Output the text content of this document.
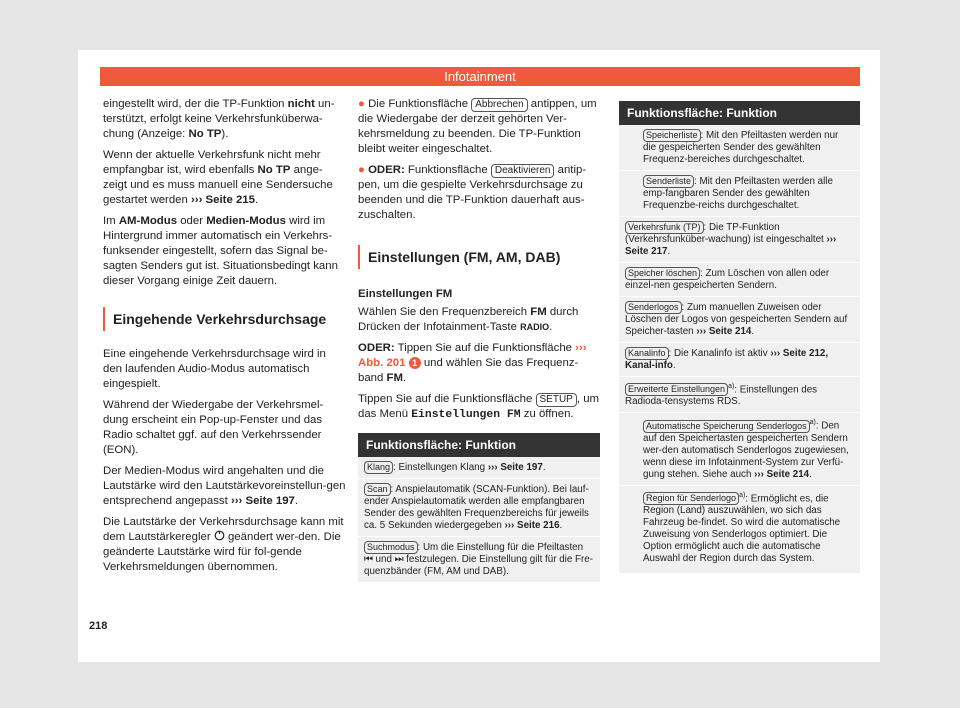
Infotainment

eingestellt wird, der die TP-Funktion nicht un-terstützt, erfolgt keine Verkehrsfunküberwa-chung (Anzeige: No TP).

Wenn der aktuelle Verkehrsfunk nicht mehr empfangbar ist, wird ebenfalls No TP ange-zeigt und es muss manuell eine Sendersuche gestartet werden ››› Seite 215.

Im AM-Modus oder Medien-Modus wird im Hintergrund immer automatisch ein Verkehrs-funksender eingestellt, sofern das Signal be-sagten Senders gut ist. Situationsbedingt kann dieser Vorgang einige Zeit dauern.

Eingehende Verkehrsdurchsage

Eine eingehende Verkehrsdurchsage wird in den laufenden Audio-Modus automatisch eingespielt.

Während der Wiedergabe der Verkehrsmel-dung erscheint ein Pop-up-Fenster und das Radio schaltet ggf. auf den Verkehrssender (EON).

Der Medien-Modus wird angehalten und die Lautstärke wird den Lautstärkevoreinstellun-gen entsprechend angepasst ››› Seite 197.

Die Lautstärke der Verkehrsdurchsage kann mit dem Lautstärkeregler  geändert wer-den. Die geänderte Lautstärke wird für fol-gende Verkehrsmeldungen übernommen.

● Die Funktionsfläche Abbrechen antippen, um die Wiedergabe der derzeit gehörten Ver-kehrsmeldung zu beenden. Die TP-Funktion bleibt weiter eingeschaltet.

● ODER: Funktionsfläche Deaktivieren antip-pen, um die gespielte Verkehrsdurchsage zu beenden und die TP-Funktion dauerhaft aus-zuschalten.

Einstellungen (FM, AM, DAB)

Einstellungen FM

Wählen Sie den Frequenzbereich FM durch Drücken der Infotainment-Taste RADIO.

ODER: Tippen Sie auf die Funktionsfläche ››› Abb. 201 1 und wählen Sie das Frequenz-band FM.

Tippen Sie auf die Funktionsfläche SETUP , um das Menü Einstellungen FM zu öffnen.

Funktionsfläche: Funktion
Klang : Einstellungen Klang ››› Seite 197.
Scan : Anspielautomatik (SCAN-Funktion). Bei lauf-ender Anspielautomatik werden alle empfangbaren Sender des gewählten Frequenzbereichs für jeweils ca. 5 Sekunden wiedergegeben ››› Seite 216.
Suchmodus : Um die Einstellung für die Pfeiltasten ⏮ und ⏭ festzulegen. Die Einstellung gilt für die Fre-quenzbänder (FM, AM und DAB).
Funktionsfläche: Funktion
Speicherliste : Mit den Pfeiltasten werden nur die gespeicherten Sender des gewählten Frequenz-bereiches durchgeschaltet.
Senderliste : Mit den Pfeiltasten werden alle emp-fangbaren Sender des gewählten Frequenzbe-reichs durchgeschaltet.
Verkehrsfunk (TP) : Die TP-Funktion (Verkehrsfunküber-wachung) ist eingeschaltet ››› Seite 217.
Speicher löschen : Zum Löschen von allen oder einzel-nen gespeicherten Sendern.
Senderlogos : Zum manuellen Zuweisen oder Löschen der Logos von gespeicherten Sendern auf Speicher-tasten ››› Seite 214.
Kanalinfo : Die Kanalinfo ist aktiv ››› Seite 212, Kanal-info.
Erweiterte Einstellungen $^{a)}$: Einstellungen des Radioda-tensystems RDS.
Automatische Speicherung Senderlogos $^{a)}$: Den auf den Speichertasten gespeicherten Sendern wer-den automatisch Senderlogos zugewiesen, wenn diese im Infotainment-System zur Verfü-gung stehen. Siehe auch ››› Seite 214.
Region für Senderlogo $^{a)}$: Ermöglicht es, die Region (Land) auszuwählen, wo sich das Fahrzeug be-findet. So wird die automatische Zuweisung von Senderlogos optimiert. Die Option ermöglicht auch die automatische Auswahl der Region durch das System.
218
